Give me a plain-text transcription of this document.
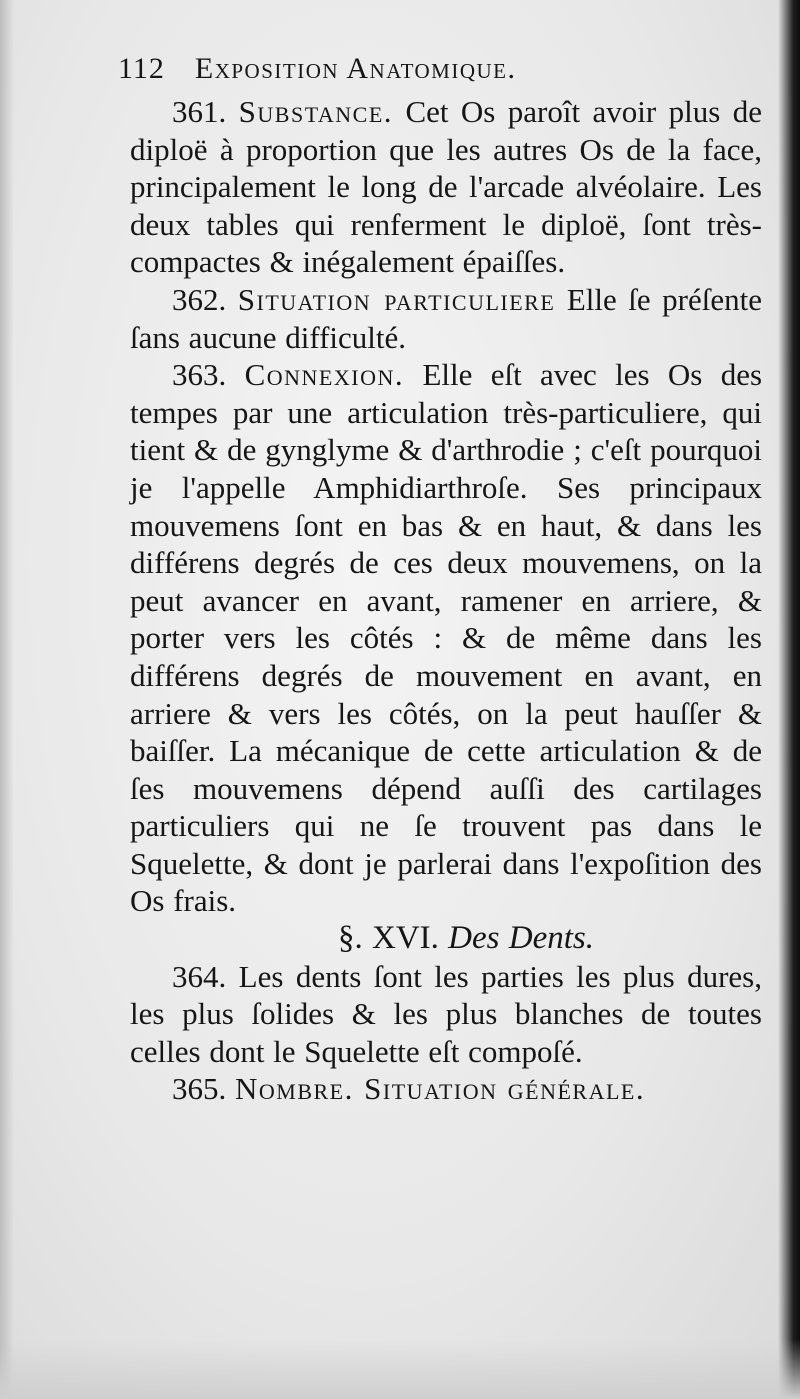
112 Exposition Anatomique.

361. Substance. Cet Os paroît avoir plus de diploë à proportion que les autres Os de la face, principalement le long de l'arcade alvéolaire. Les deux tables qui renferment le diploë, ſont très-compactes & inégalement épaiſſes.

362. Situation particuliere Elle ſe préſente ſans aucune difficulté.

363. Connexion. Elle eſt avec les Os des tempes par une articulation très-particuliere, qui tient & de gynglyme & d'arthrodie ; c'eſt pourquoi je l'appelle Amphidiarthroſe. Ses principaux mouvemens ſont en bas & en haut, & dans les différens degrés de ces deux mouvemens, on la peut avancer en avant, ramener en arriere, & porter vers les côtés : & de même dans les différens degrés de mouvement en avant, en arriere & vers les côtés, on la peut hauſſer & baiſſer. La mécanique de cette articulation & de ſes mouvemens dépend auſſi des cartilages particuliers qui ne ſe trouvent pas dans le Squelette, & dont je parlerai dans l'expoſition des Os frais.

§. XVI. Des Dents.

364. Les dents ſont les parties les plus dures, les plus ſolides & les plus blanches de toutes celles dont le Squelette eſt compoſé.

365. Nombre. Situation générale.
